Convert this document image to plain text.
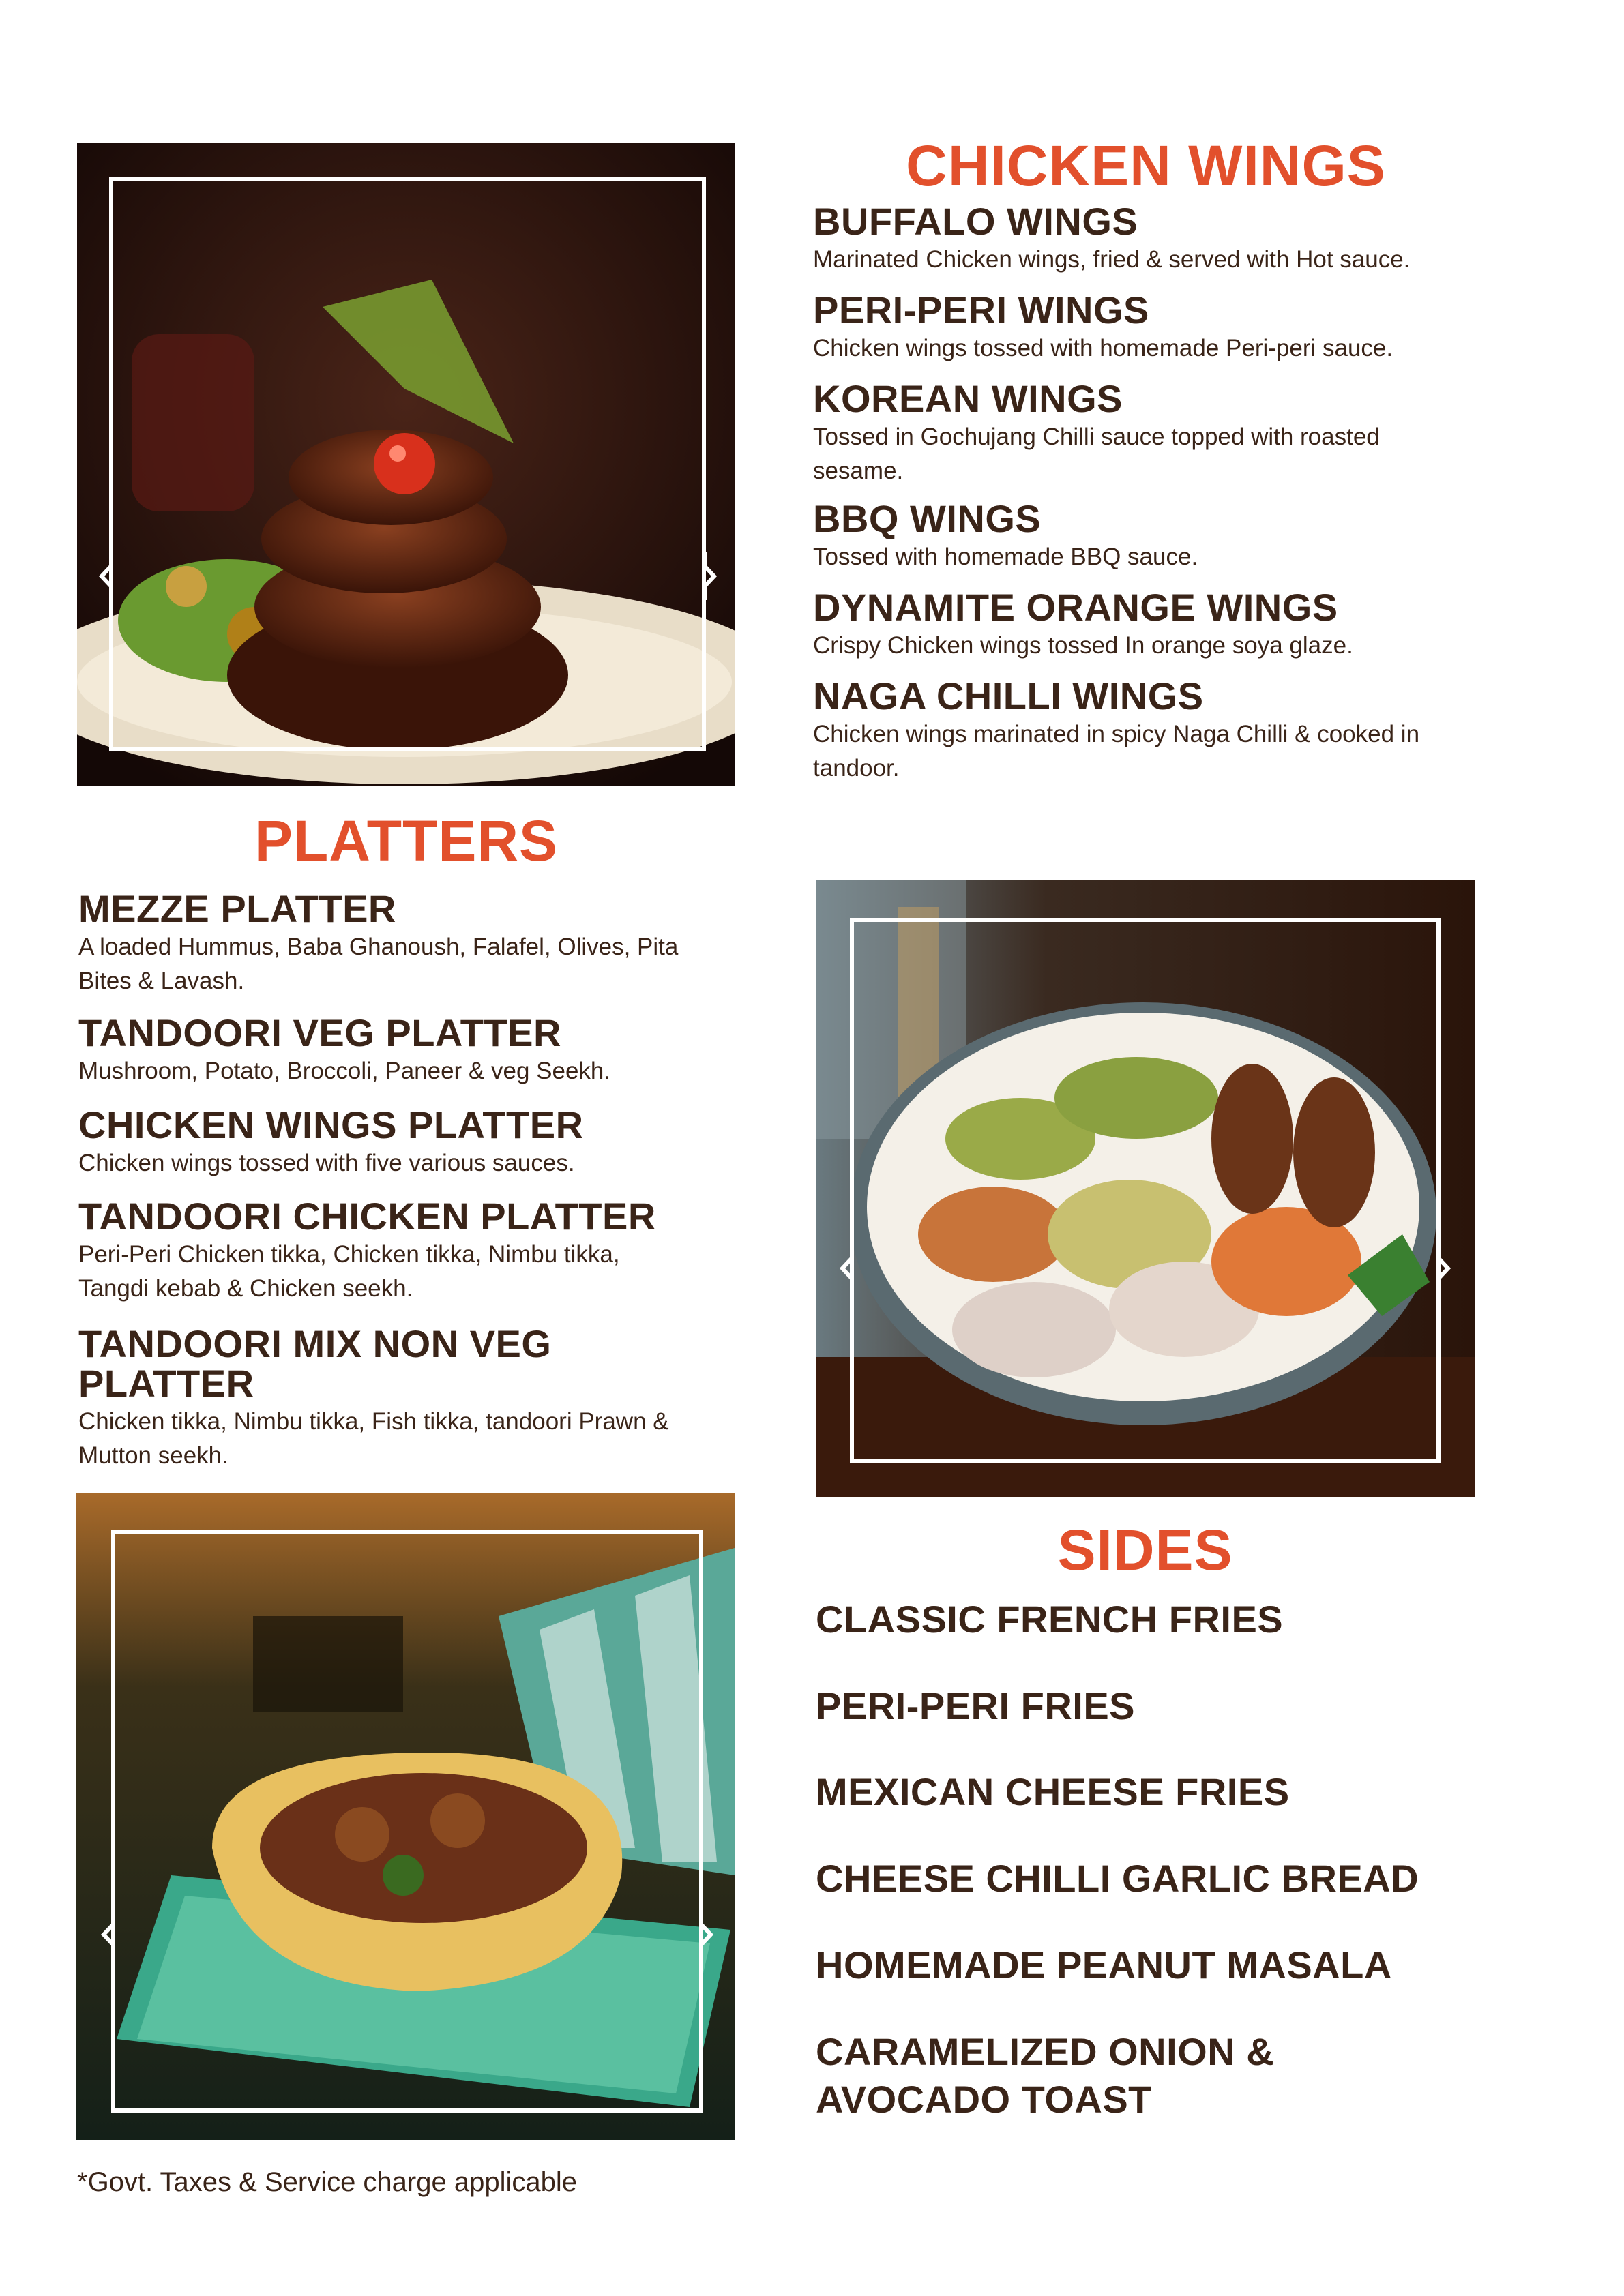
CHICKEN WINGS
BUFFALO WINGS
Marinated Chicken wings, fried & served with Hot sauce.
PERI-PERI WINGS
Chicken wings tossed with homemade Peri-peri sauce.
KOREAN WINGS
Tossed in Gochujang Chilli sauce topped with roasted sesame.
BBQ WINGS
Tossed with homemade BBQ sauce.
DYNAMITE ORANGE WINGS
Crispy Chicken wings tossed In orange soya glaze.
NAGA CHILLI WINGS
Chicken wings marinated in spicy Naga Chilli & cooked in tandoor.
PLATTERS
MEZZE PLATTER
A loaded Hummus, Baba Ghanoush, Falafel, Olives, Pita Bites & Lavash.
TANDOORI VEG PLATTER
Mushroom, Potato, Broccoli, Paneer & veg Seekh.
CHICKEN WINGS PLATTER
Chicken wings tossed with five various sauces.
TANDOORI CHICKEN PLATTER
Peri-Peri Chicken tikka, Chicken tikka, Nimbu tikka, Tangdi kebab & Chicken seekh.
TANDOORI MIX NON VEG PLATTER
Chicken tikka, Nimbu tikka, Fish tikka, tandoori Prawn & Mutton seekh.
SIDES
CLASSIC FRENCH FRIES
PERI-PERI FRIES
MEXICAN CHEESE FRIES
CHEESE CHILLI GARLIC BREAD
HOMEMADE PEANUT MASALA
CARAMELIZED ONION & AVOCADO TOAST
*Govt. Taxes & Service charge applicable
